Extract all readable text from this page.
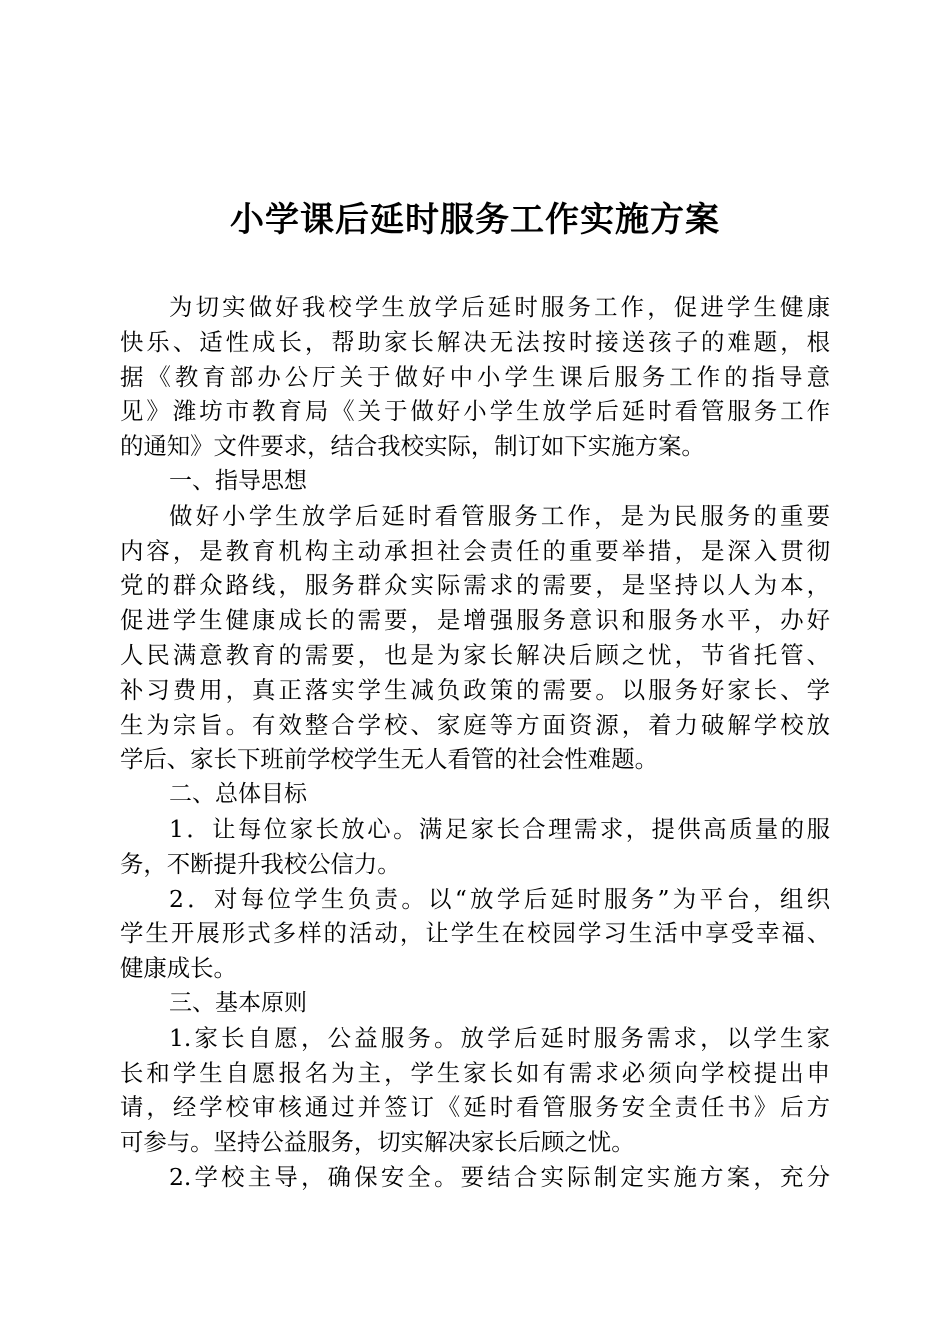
小学课后延时服务工作实施方案
为切实做好我校学生放学后延时服务工作，促进学生健康
快乐、适性成长，帮助家长解决无法按时接送孩子的难题，根
据《教育部办公厅关于做好中小学生课后服务工作的指导意
见》潍坊市教育局《关于做好小学生放学后延时看管服务工作
的通知》文件要求，结合我校实际，制订如下实施方案。
一、指导思想
做好小学生放学后延时看管服务工作，是为民服务的重要
内容，是教育机构主动承担社会责任的重要举措，是深入贯彻
党的群众路线，服务群众实际需求的需要，是坚持以人为本，
促进学生健康成长的需要，是增强服务意识和服务水平，办好
人民满意教育的需要，也是为家长解决后顾之忧，节省托管、
补习费用，真正落实学生减负政策的需要。以服务好家长、学
生为宗旨。有效整合学校、家庭等方面资源，着力破解学校放
学后、家长下班前学校学生无人看管的社会性难题。
二、总体目标
1．让每位家长放心。满足家长合理需求，提供高质量的服
务，不断提升我校公信力。
2．对每位学生负责。以“放学后延时服务”为平台，组织
学生开展形式多样的活动，让学生在校园学习生活中享受幸福、
健康成长。
三、基本原则
1.家长自愿，公益服务。放学后延时服务需求，以学生家
长和学生自愿报名为主，学生家长如有需求必须向学校提出申
请，经学校审核通过并签订《延时看管服务安全责任书》后方
可参与。坚持公益服务，切实解决家长后顾之忧。
2.学校主导，确保安全。要结合实际制定实施方案，充分
